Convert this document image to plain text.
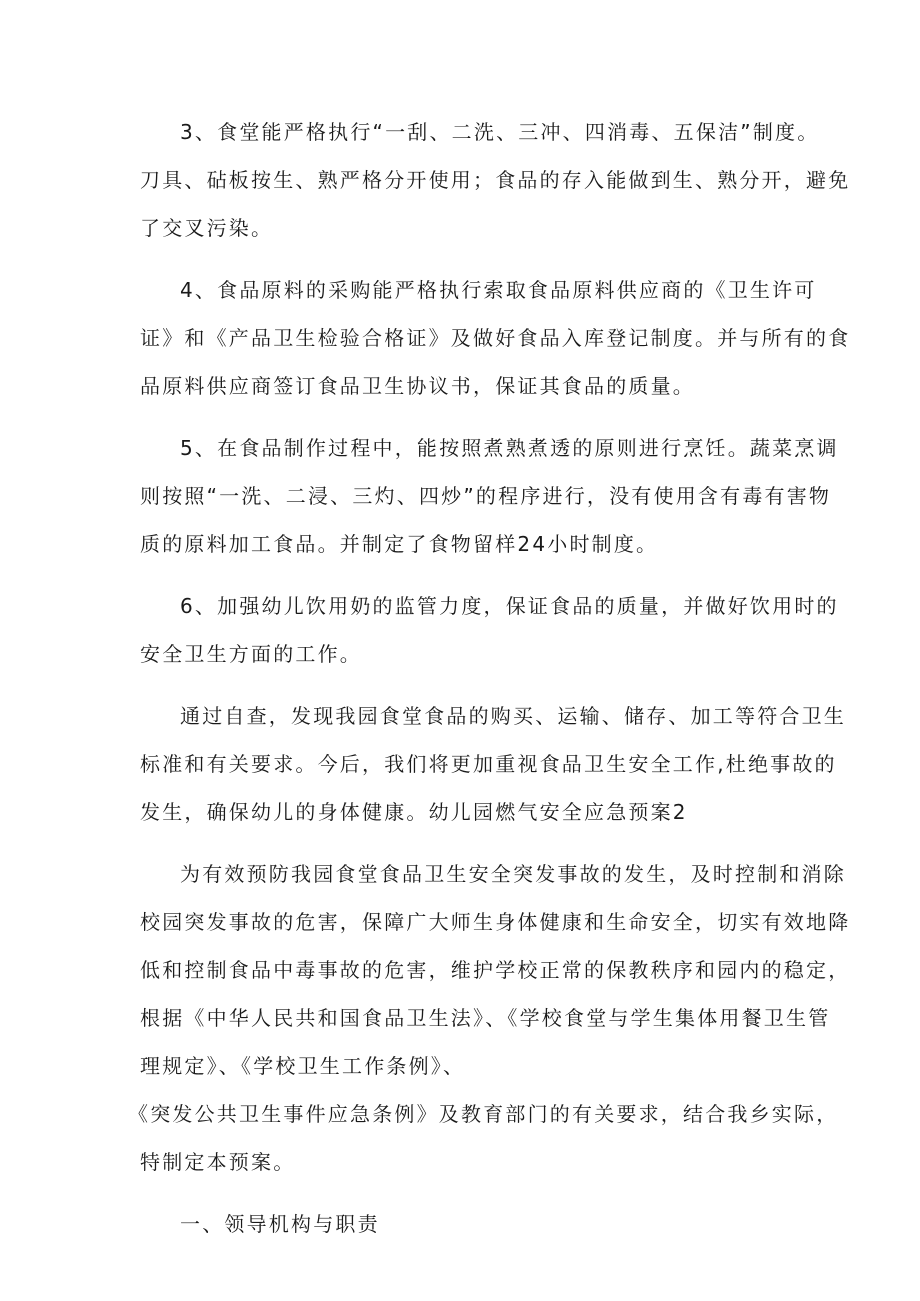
3、食堂能严格执行“一刮、二洗、三冲、四消毒、五保洁”制度。
刀具、砧板按生、熟严格分开使用；食品的存入能做到生、熟分开，避免
了交叉污染。
4、食品原料的采购能严格执行索取食品原料供应商的《卫生许可
证》和《产品卫生检验合格证》及做好食品入库登记制度。并与所有的食
品原料供应商签订食品卫生协议书，保证其食品的质量。
5、在食品制作过程中，能按照煮熟煮透的原则进行烹饪。蔬菜烹调
则按照“一洗、二浸、三灼、四炒”的程序进行，没有使用含有毒有害物
质的原料加工食品。并制定了食物留样24小时制度。
6、加强幼儿饮用奶的监管力度，保证食品的质量，并做好饮用时的
安全卫生方面的工作。
通过自查，发现我园食堂食品的购买、运输、储存、加工等符合卫生
标准和有关要求。今后，我们将更加重视食品卫生安全工作,杜绝事故的
发生，确保幼儿的身体健康。幼儿园燃气安全应急预案2
为有效预防我园食堂食品卫生安全突发事故的发生，及时控制和消除
校园突发事故的危害，保障广大师生身体健康和生命安全，切实有效地降
低和控制食品中毒事故的危害，维护学校正常的保教秩序和园内的稳定，
根据《中华人民共和国食品卫生法》、《学校食堂与学生集体用餐卫生管
理规定》、《学校卫生工作条例》、
《突发公共卫生事件应急条例》及教育部门的有关要求，结合我乡实际，
特制定本预案。
一、领导机构与职责
